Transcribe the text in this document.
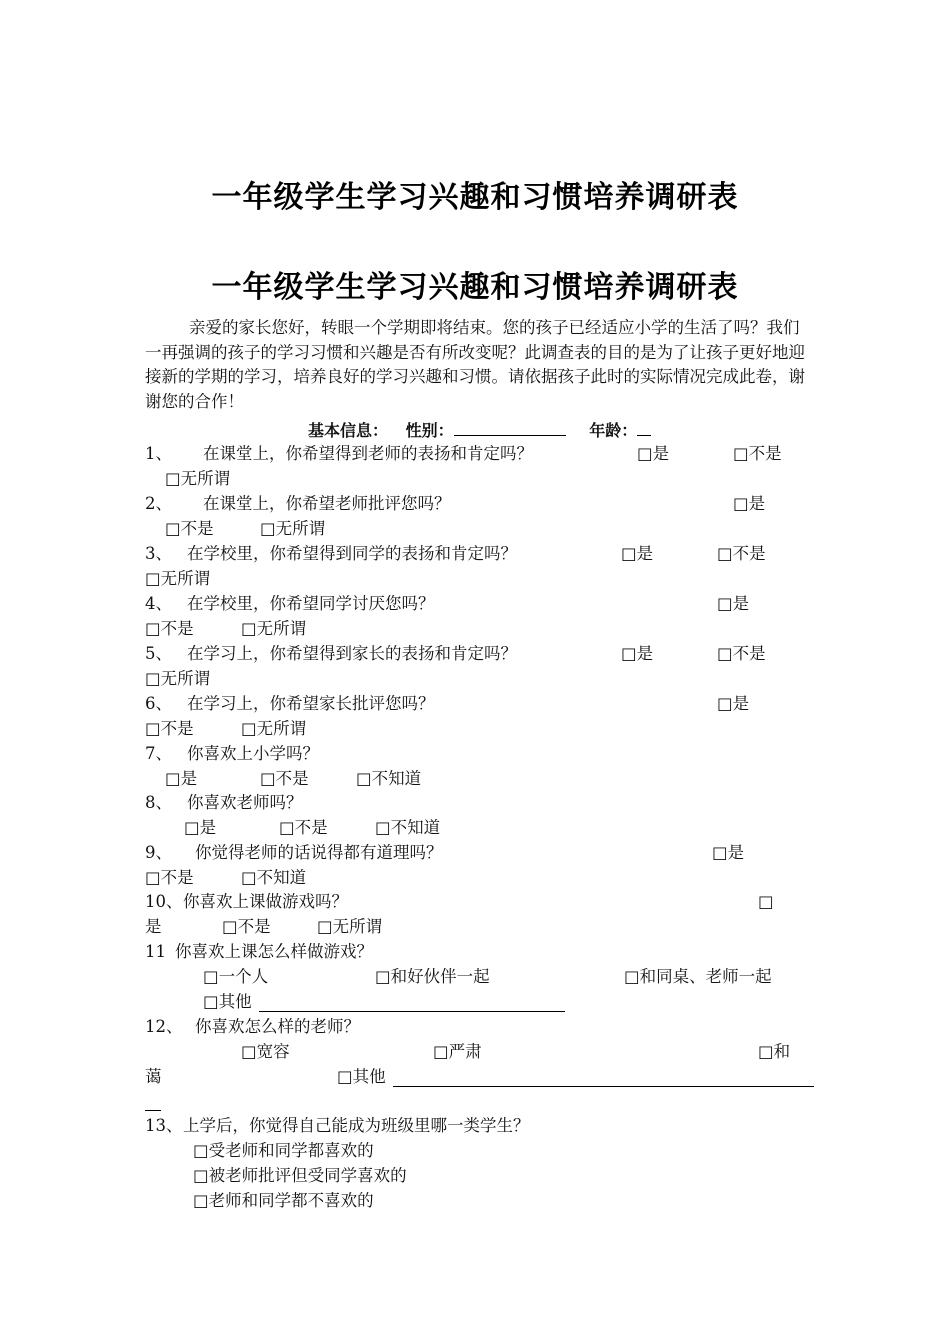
一年级学生学习兴趣和习惯培养调研表
一年级学生学习兴趣和习惯培养调研表
亲爱的家长您好，转眼一个学期即将结束。您的孩子已经适应小学的生活了吗？我们一再强调的孩子的学习习惯和兴趣是否有所改变呢？此调查表的目的是为了让孩子更好地迎接新的学期的学习，培养良好的学习兴趣和习惯。请依据孩子此时的实际情况完成此卷，谢谢您的合作！
基本信息： 性别：	年龄：
1、 在课堂上，你希望得到老师的表扬和肯定吗？	□是	□不是
□无所谓
2、 在课堂上，你希望老师批评您吗？	□是
□不是	□无所谓
3、 在学校里，你希望得到同学的表扬和肯定吗？	□是	□不是
□无所谓
4、 在学校里，你希望同学讨厌您吗？	□是
□不是	□无所谓
5、 在学习上，你希望得到家长的表扬和肯定吗？	□是	□不是
□无所谓
6、 在学习上，你希望家长批评您吗？	□是
□不是	□无所谓
7、 你喜欢上小学吗？
□是	□不是	□不知道
8、 你喜欢老师吗？
□是	□不是	□不知道
9、 你觉得老师的话说得都有道理吗？	□是
□不是	□不知道
10、 你喜欢上课做游戏吗？	□
是	□不是	□无所谓
11 你喜欢上课怎么样做游戏？
□一个人	□和好伙伴一起	□和同桌、老师一起
□其他
12、 你喜欢怎么样的老师？
□宽容	□严肃	□和
蔼	□其他
13、 上学后，你觉得自己能成为班级里哪一类学生？
□受老师和同学都喜欢的
□被老师批评但受同学喜欢的
□老师和同学都不喜欢的
